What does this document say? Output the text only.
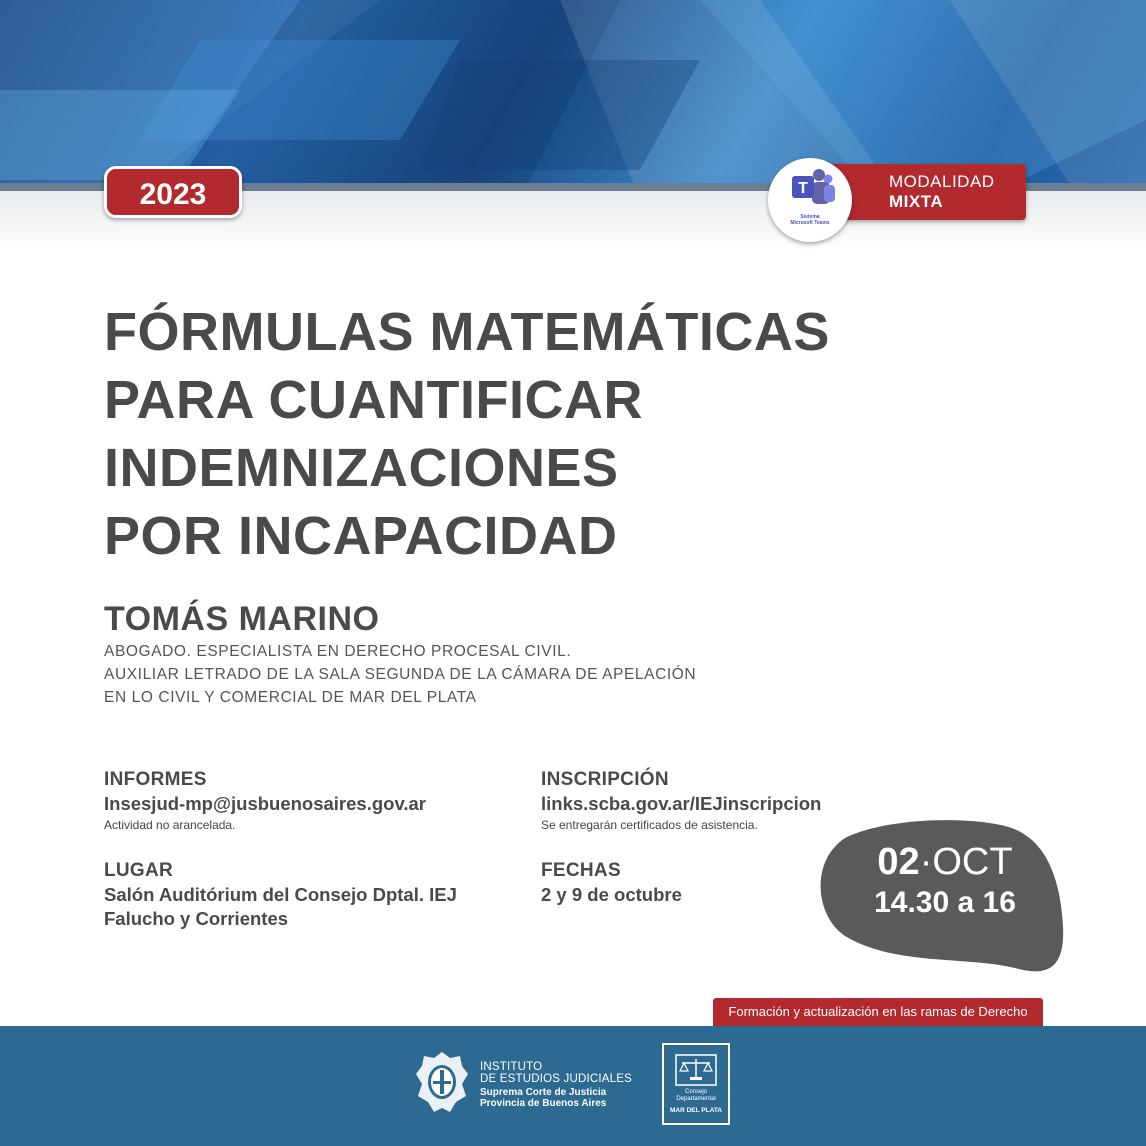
2023	MODALIDAD
MIXTA
T
Sistema
Microsoft Teams
FÓRMULAS MATEMÁTICAS
PARA CUANTIFICAR
INDEMNIZACIONES
POR INCAPACIDAD
TOMÁS MARINO
ABOGADO. ESPECIALISTA EN DERECHO PROCESAL CIVIL.
AUXILIAR LETRADO DE LA SALA SEGUNDA DE LA CÁMARA DE APELACIÓN
EN LO CIVIL Y COMERCIAL DE MAR DEL PLATA
INFORMES
Insesjud-mp@jusbuenosaires.gov.ar
Actividad no arancelada.
INSCRIPCIÓN
links.scba.gov.ar/IEJinscripcion
Se entregarán certificados de asistencia.
LUGAR
Salón Auditórium del Consejo Dptal. IEJ
Falucho y Corrientes
FECHAS
2 y 9 de octubre
02·OCT
14.30 a 16
Formación y actualización en las ramas de Derecho
INSTITUTO
DE ESTUDIOS JUDICIALES
Suprema Corte de Justicia
Provincia de Buenos Aires
Consejo
Departamental
MAR DEL PLATA
